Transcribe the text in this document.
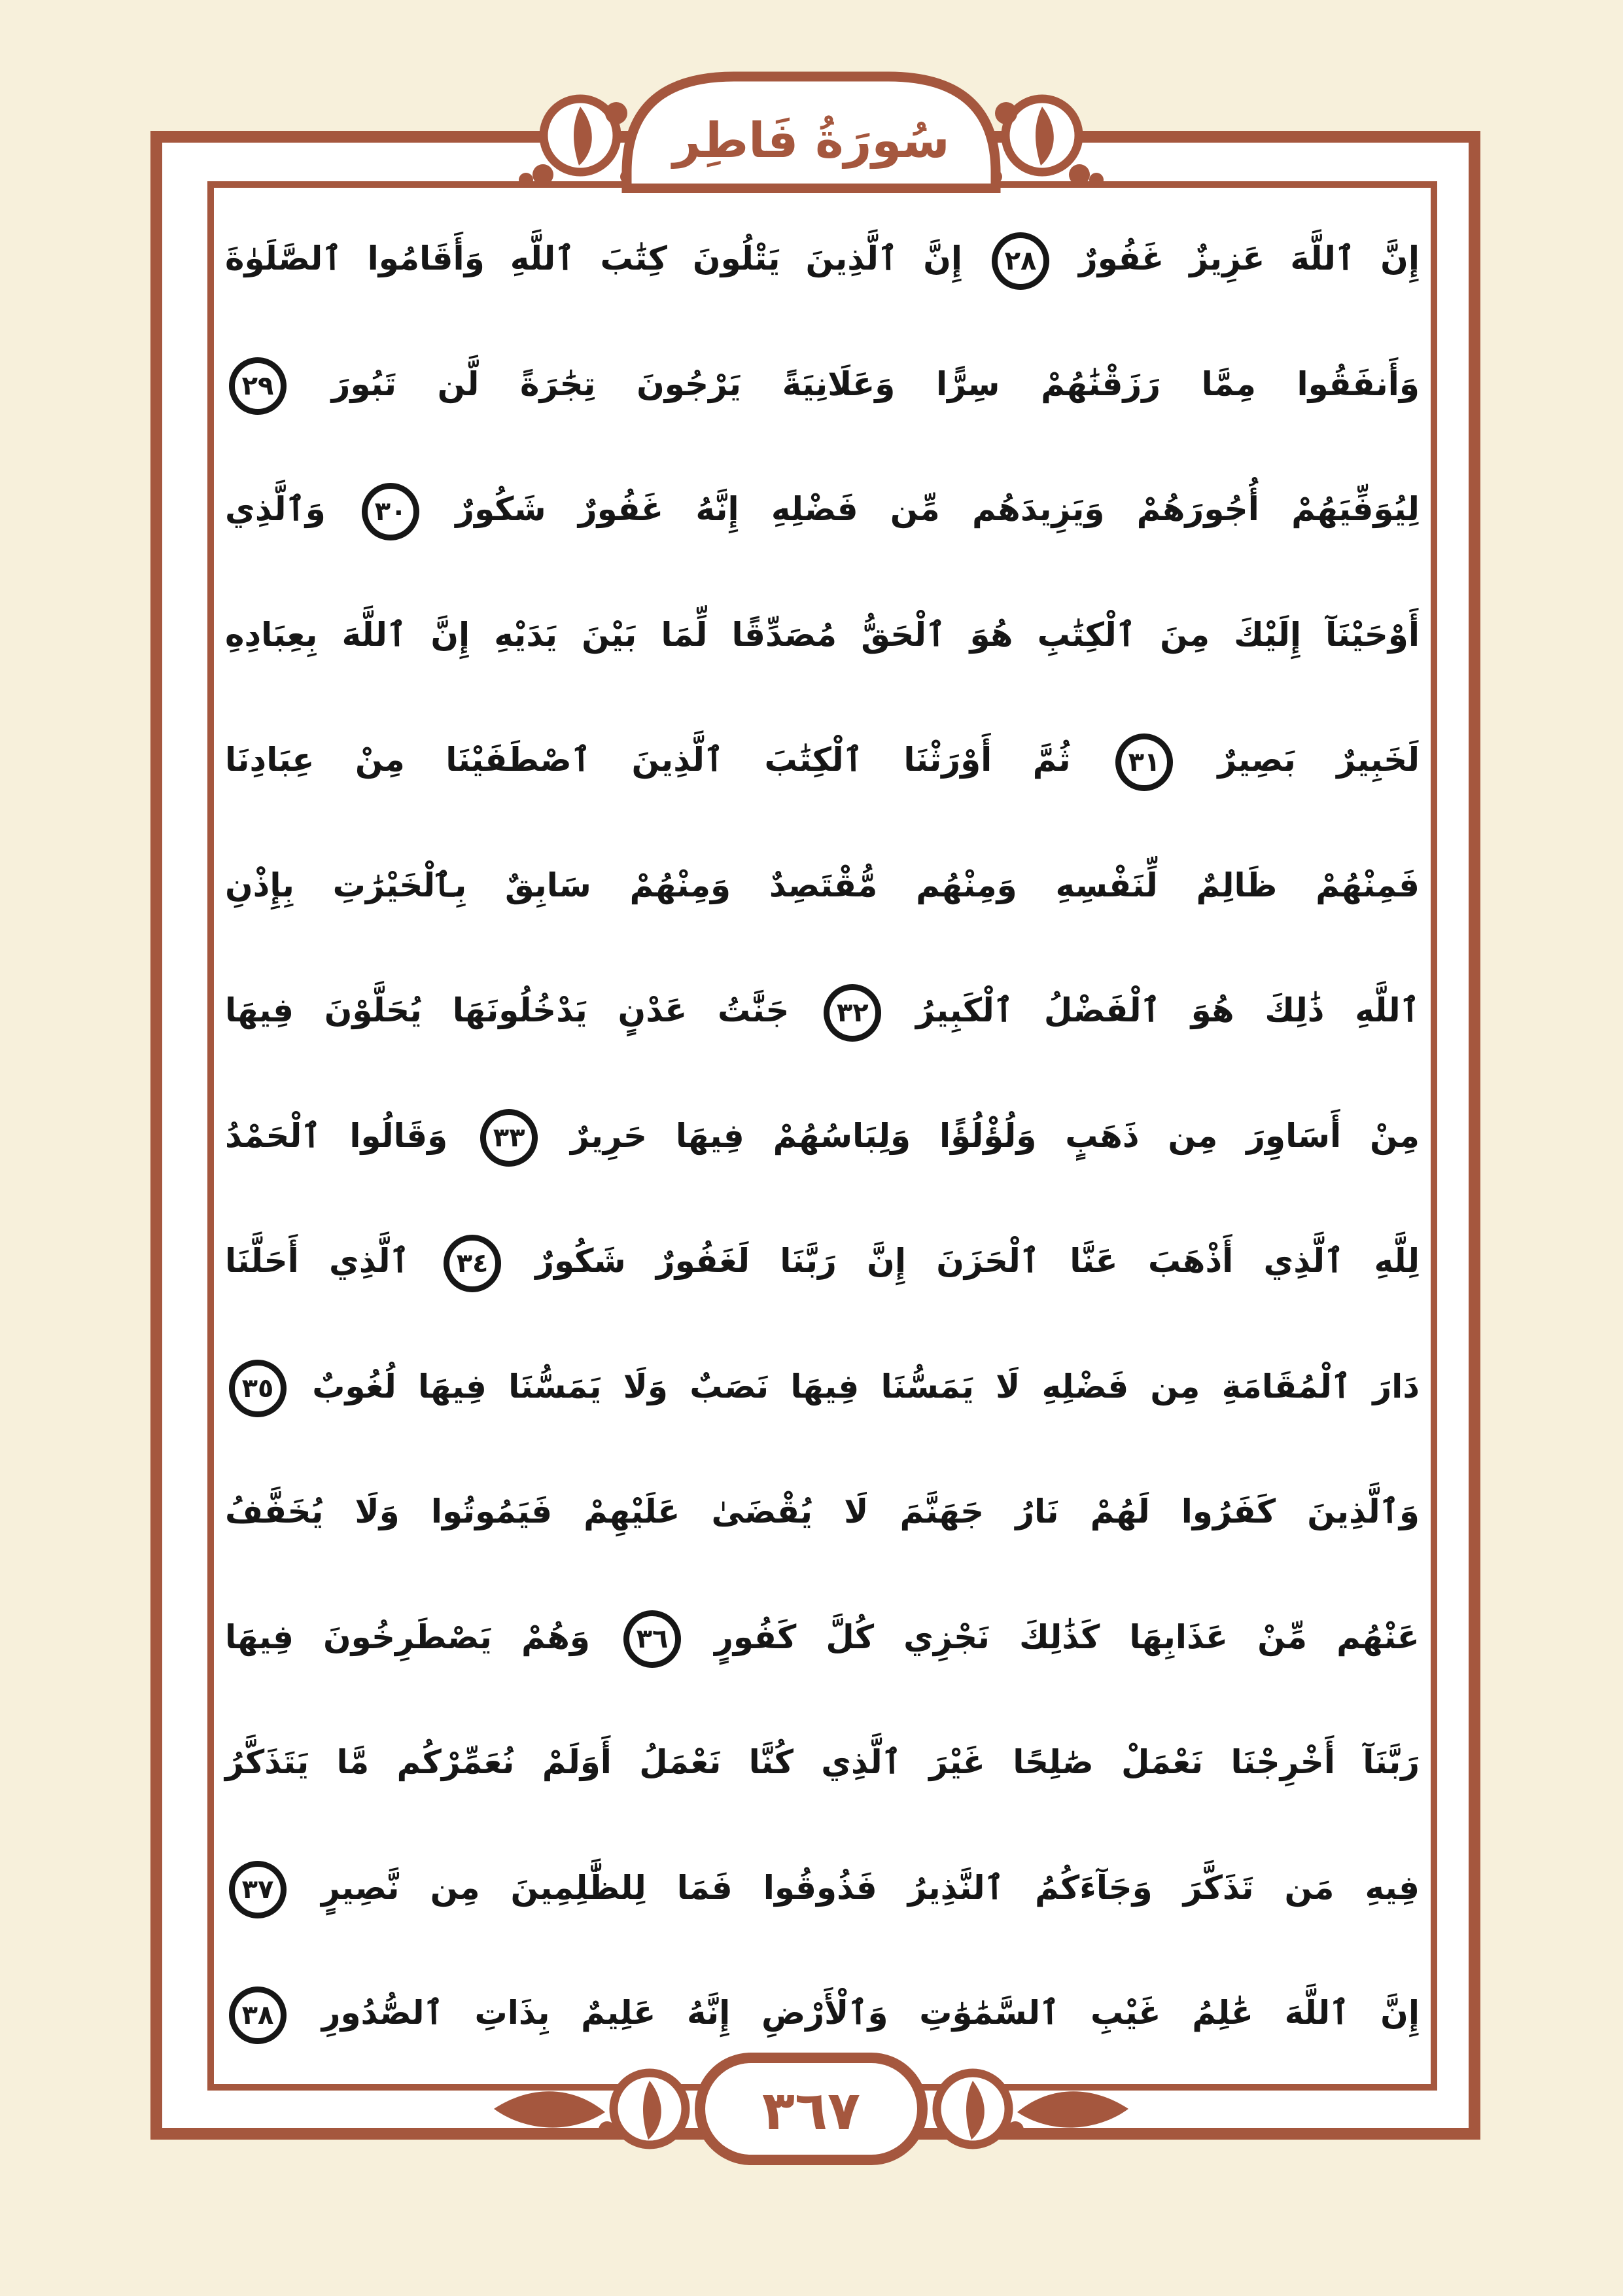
إِنَّ ٱللَّهَ عَزِيزٌ غَفُورٌ
٢٨
إِنَّ ٱلَّذِينَ يَتْلُونَ كِتَٰبَ ٱللَّهِ وَأَقَامُوا ٱلصَّلَوٰةَ
وَأَنفَقُوا مِمَّا رَزَقْنَٰهُمْ سِرًّا وَعَلَانِيَةً يَرْجُونَ تِجَٰرَةً لَّن تَبُورَ
٢٩
لِيُوَفِّيَهُمْ أُجُورَهُمْ وَيَزِيدَهُم مِّن فَضْلِهِ إِنَّهُ غَفُورٌ شَكُورٌ
٣٠
وَٱلَّذِي
أَوْحَيْنَآ إِلَيْكَ مِنَ ٱلْكِتَٰبِ هُوَ ٱلْحَقُّ مُصَدِّقًا لِّمَا بَيْنَ يَدَيْهِ إِنَّ ٱللَّهَ بِعِبَادِهِ
لَخَبِيرٌ بَصِيرٌ
٣١
ثُمَّ أَوْرَثْنَا ٱلْكِتَٰبَ ٱلَّذِينَ ٱصْطَفَيْنَا مِنْ عِبَادِنَا
فَمِنْهُمْ ظَالِمٌ لِّنَفْسِهِ وَمِنْهُم مُّقْتَصِدٌ وَمِنْهُمْ سَابِقٌ بِٱلْخَيْرَٰتِ بِإِذْنِ
ٱللَّهِ ذَٰلِكَ هُوَ ٱلْفَضْلُ ٱلْكَبِيرُ
٣٢
جَنَّٰتُ عَدْنٍ يَدْخُلُونَهَا يُحَلَّوْنَ فِيهَا
مِنْ أَسَاوِرَ مِن ذَهَبٍ وَلُؤْلُؤًا وَلِبَاسُهُمْ فِيهَا حَرِيرٌ
٣٣
وَقَالُوا ٱلْحَمْدُ
لِلَّهِ ٱلَّذِي أَذْهَبَ عَنَّا ٱلْحَزَنَ إِنَّ رَبَّنَا لَغَفُورٌ شَكُورٌ
٣٤
ٱلَّذِي أَحَلَّنَا
دَارَ ٱلْمُقَامَةِ مِن فَضْلِهِ لَا يَمَسُّنَا فِيهَا نَصَبٌ وَلَا يَمَسُّنَا فِيهَا لُغُوبٌ
٣٥
وَٱلَّذِينَ كَفَرُوا لَهُمْ نَارُ جَهَنَّمَ لَا يُقْضَىٰ عَلَيْهِمْ فَيَمُوتُوا وَلَا يُخَفَّفُ
عَنْهُم مِّنْ عَذَابِهَا كَذَٰلِكَ نَجْزِي كُلَّ كَفُورٍ
٣٦
وَهُمْ يَصْطَرِخُونَ فِيهَا
رَبَّنَآ أَخْرِجْنَا نَعْمَلْ صَٰلِحًا غَيْرَ ٱلَّذِي كُنَّا نَعْمَلُ أَوَلَمْ نُعَمِّرْكُم مَّا يَتَذَكَّرُ
فِيهِ مَن تَذَكَّرَ وَجَآءَكُمُ ٱلنَّذِيرُ فَذُوقُوا فَمَا لِلظَّٰلِمِينَ مِن نَّصِيرٍ
٣٧
إِنَّ ٱللَّهَ عَٰلِمُ غَيْبِ ٱلسَّمَٰوَٰتِ وَٱلْأَرْضِ إِنَّهُ عَلِيمٌ بِذَاتِ ٱلصُّدُورِ
٣٨
سُورَةُ فَاطِر
٣٦٧
